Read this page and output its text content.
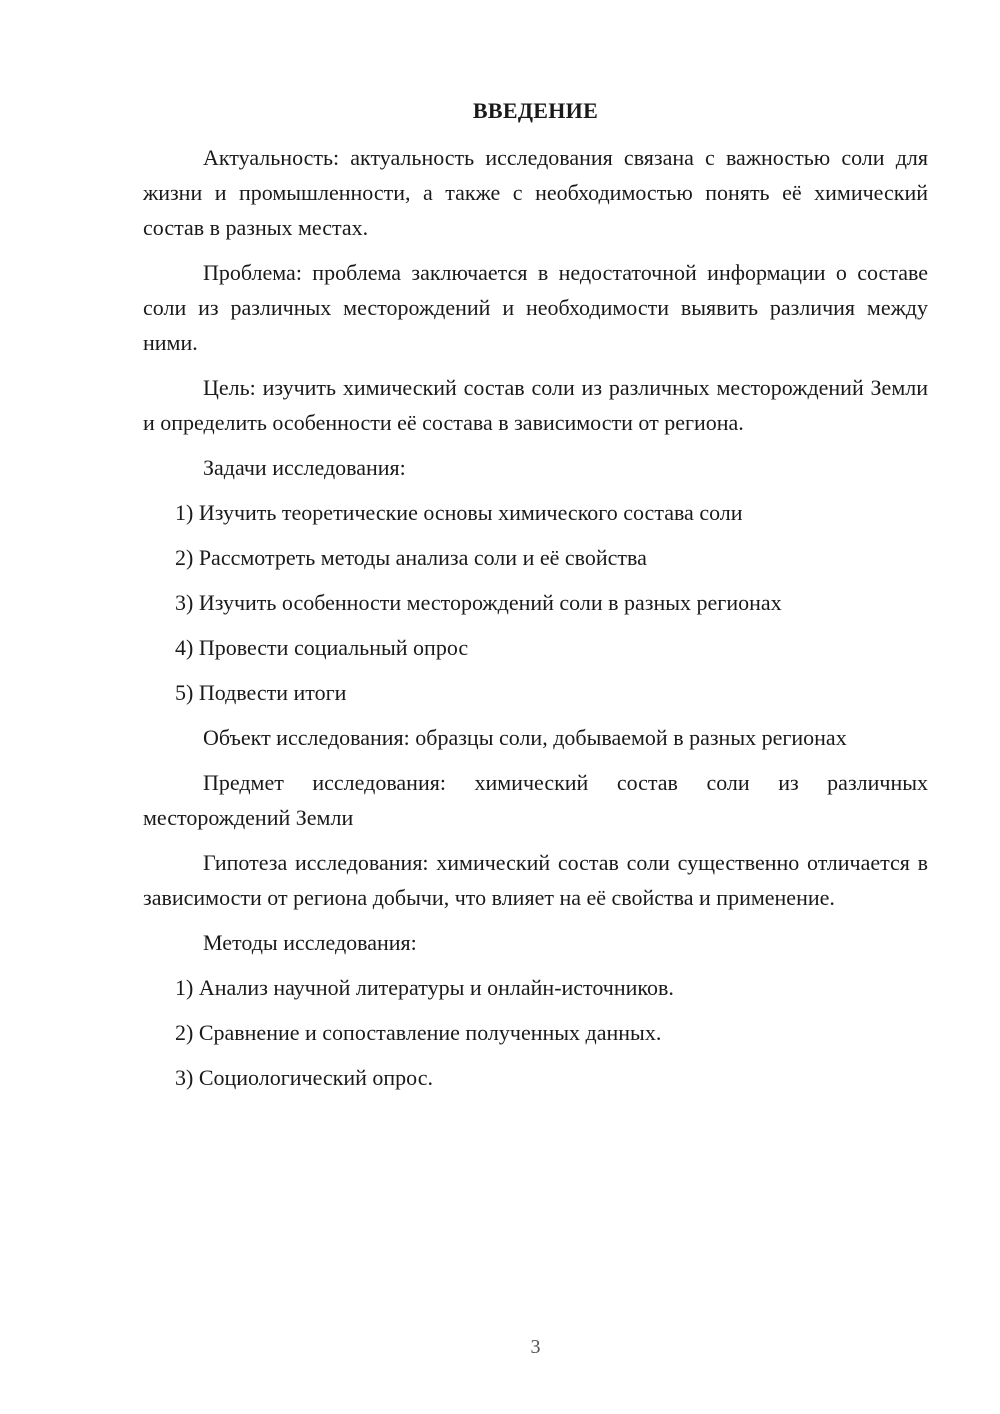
ВВЕДЕНИЕ

Актуальность: актуальность исследования связана с важностью соли для жизни и промышленности, а также с необходимостью понять её химический состав в разных местах.

Проблема: проблема заключается в недостаточной информации о составе соли из различных месторождений и необходимости выявить различия между ними.

Цель: изучить химический состав соли из различных месторождений Земли и определить особенности её состава в зависимости от региона.

Задачи исследования:

1) Изучить теоретические основы химического состава соли

2) Рассмотреть методы анализа соли и её свойства

3) Изучить особенности месторождений соли в разных регионах

4) Провести социальный опрос

5) Подвести итоги

Объект исследования: образцы соли, добываемой в разных регионах

Предмет исследования: химический состав соли из различных месторождений Земли

Гипотеза исследования: химический состав соли существенно отличается в зависимости от региона добычи, что влияет на её свойства и применение.

Методы исследования:

1) Анализ научной литературы и онлайн-источников.

2) Сравнение и сопоставление полученных данных.

3) Социологический опрос.

3
